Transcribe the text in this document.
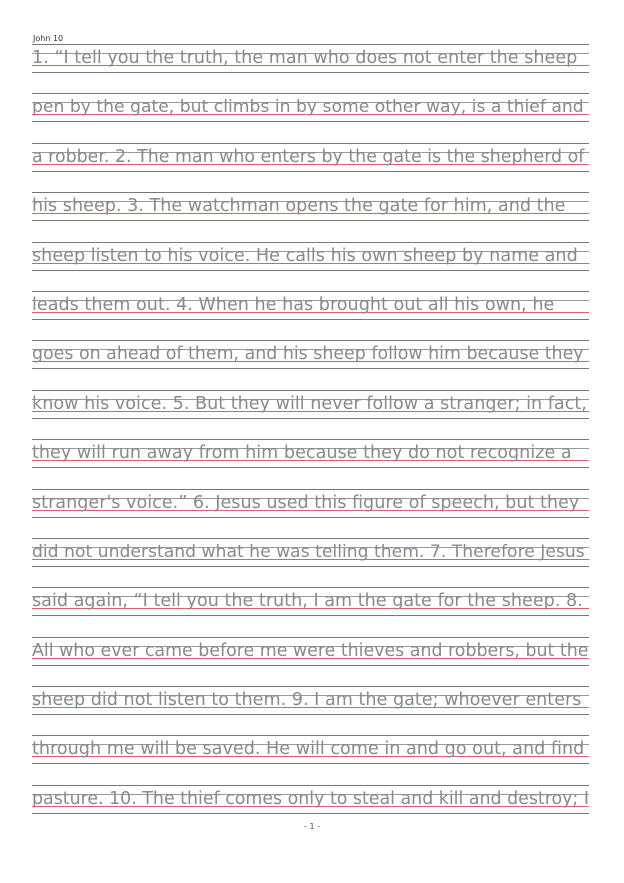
John 10
1. “I tell you the truth, the man who does not enter the sheep
pen by the gate, but climbs in by some other way, is a thief and
a robber. 2. The man who enters by the gate is the shepherd of
his sheep. 3. The watchman opens the gate for him, and the
sheep listen to his voice. He calls his own sheep by name and
leads them out. 4. When he has brought out all his own, he
goes on ahead of them, and his sheep follow him because they
know his voice. 5. But they will never follow a stranger; in fact,
they will run away from him because they do not recognize a
stranger's voice.” 6. Jesus used this figure of speech, but they
did not understand what he was telling them. 7. Therefore Jesus
said again, “I tell you the truth, I am the gate for the sheep. 8.
All who ever came before me were thieves and robbers, but the
sheep did not listen to them. 9. I am the gate; whoever enters
through me will be saved. He will come in and go out, and find
pasture. 10. The thief comes only to steal and kill and destroy; I
- 1 -
